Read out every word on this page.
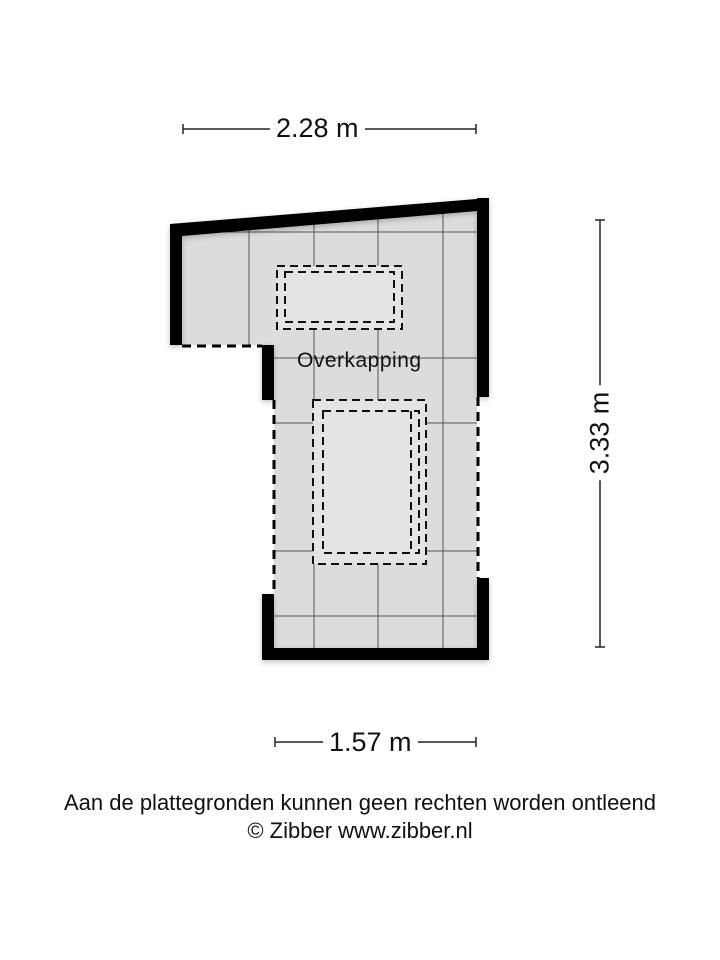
2.28 m
3.33 m
1.57 m
Overkapping
Aan de plattegronden kunnen geen rechten worden ontleend
© Zibber www.zibber.nl
